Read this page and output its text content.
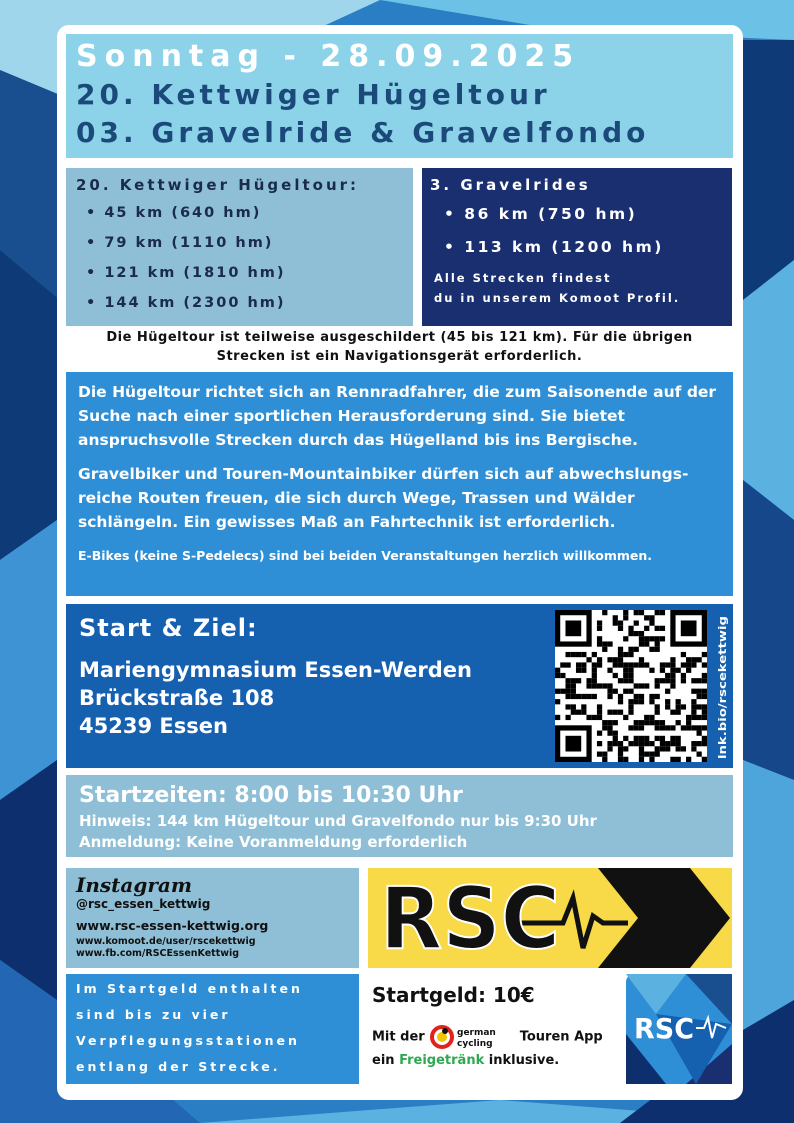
Sonntag - 28.09.2025
20. Kettwiger Hügeltour
03. Gravelride & Gravelfondo
20. Kettwiger Hügeltour:
• 45 km (640 hm)
• 79 km (1110 hm)
• 121 km (1810 hm)
• 144 km (2300 hm)
3. Gravelrides
• 86 km (750 hm)
• 113 km (1200 hm)
Alle Strecken findest
du in unserem Komoot Profil.
Die Hügeltour ist teilweise ausgeschildert (45 bis 121 km). Für die übrigen
Strecken ist ein Navigationsgerät erforderlich.

Die Hügeltour richtet sich an Rennradfahrer, die zum Saisonende auf der Suche nach einer sportlichen Herausforderung sind. Sie bietet anspruchsvolle Strecken durch das Hügelland bis ins Bergische.

Gravelbiker und Touren-Mountainbiker dürfen sich auf abwechslungs-reiche Routen freuen, die sich durch Wege, Trassen und Wälder schlängeln. Ein gewisses Maß an Fahrtechnik ist erforderlich.

E-Bikes (keine S-Pedelecs) sind bei beiden Veranstaltungen herzlich willkommen.

Start & Ziel:
Mariengymnasium Essen-Werden
Brückstraße 108
45239 Essen	lnk.bio/rscekettwig
Startzeiten: 8:00 bis 10:30 Uhr
Hinweis: 144 km Hügeltour und Gravelfondo nur bis 9:30 Uhr
Anmeldung: Keine Voranmeldung erforderlich
Instagram
@rsc_essen_kettwig
www.rsc-essen-kettwig.org
www.komoot.de/user/rscekettwig
www.fb.com/RSCEssenKettwig	RSC
Im Startgeld enthalten
sind bis zu vier
Verpflegungsstationen
entlang der Strecke.
Startgeld: 10€
Mit der	german
cycling Touren App
ein Freigetränk inklusive.
RSC
